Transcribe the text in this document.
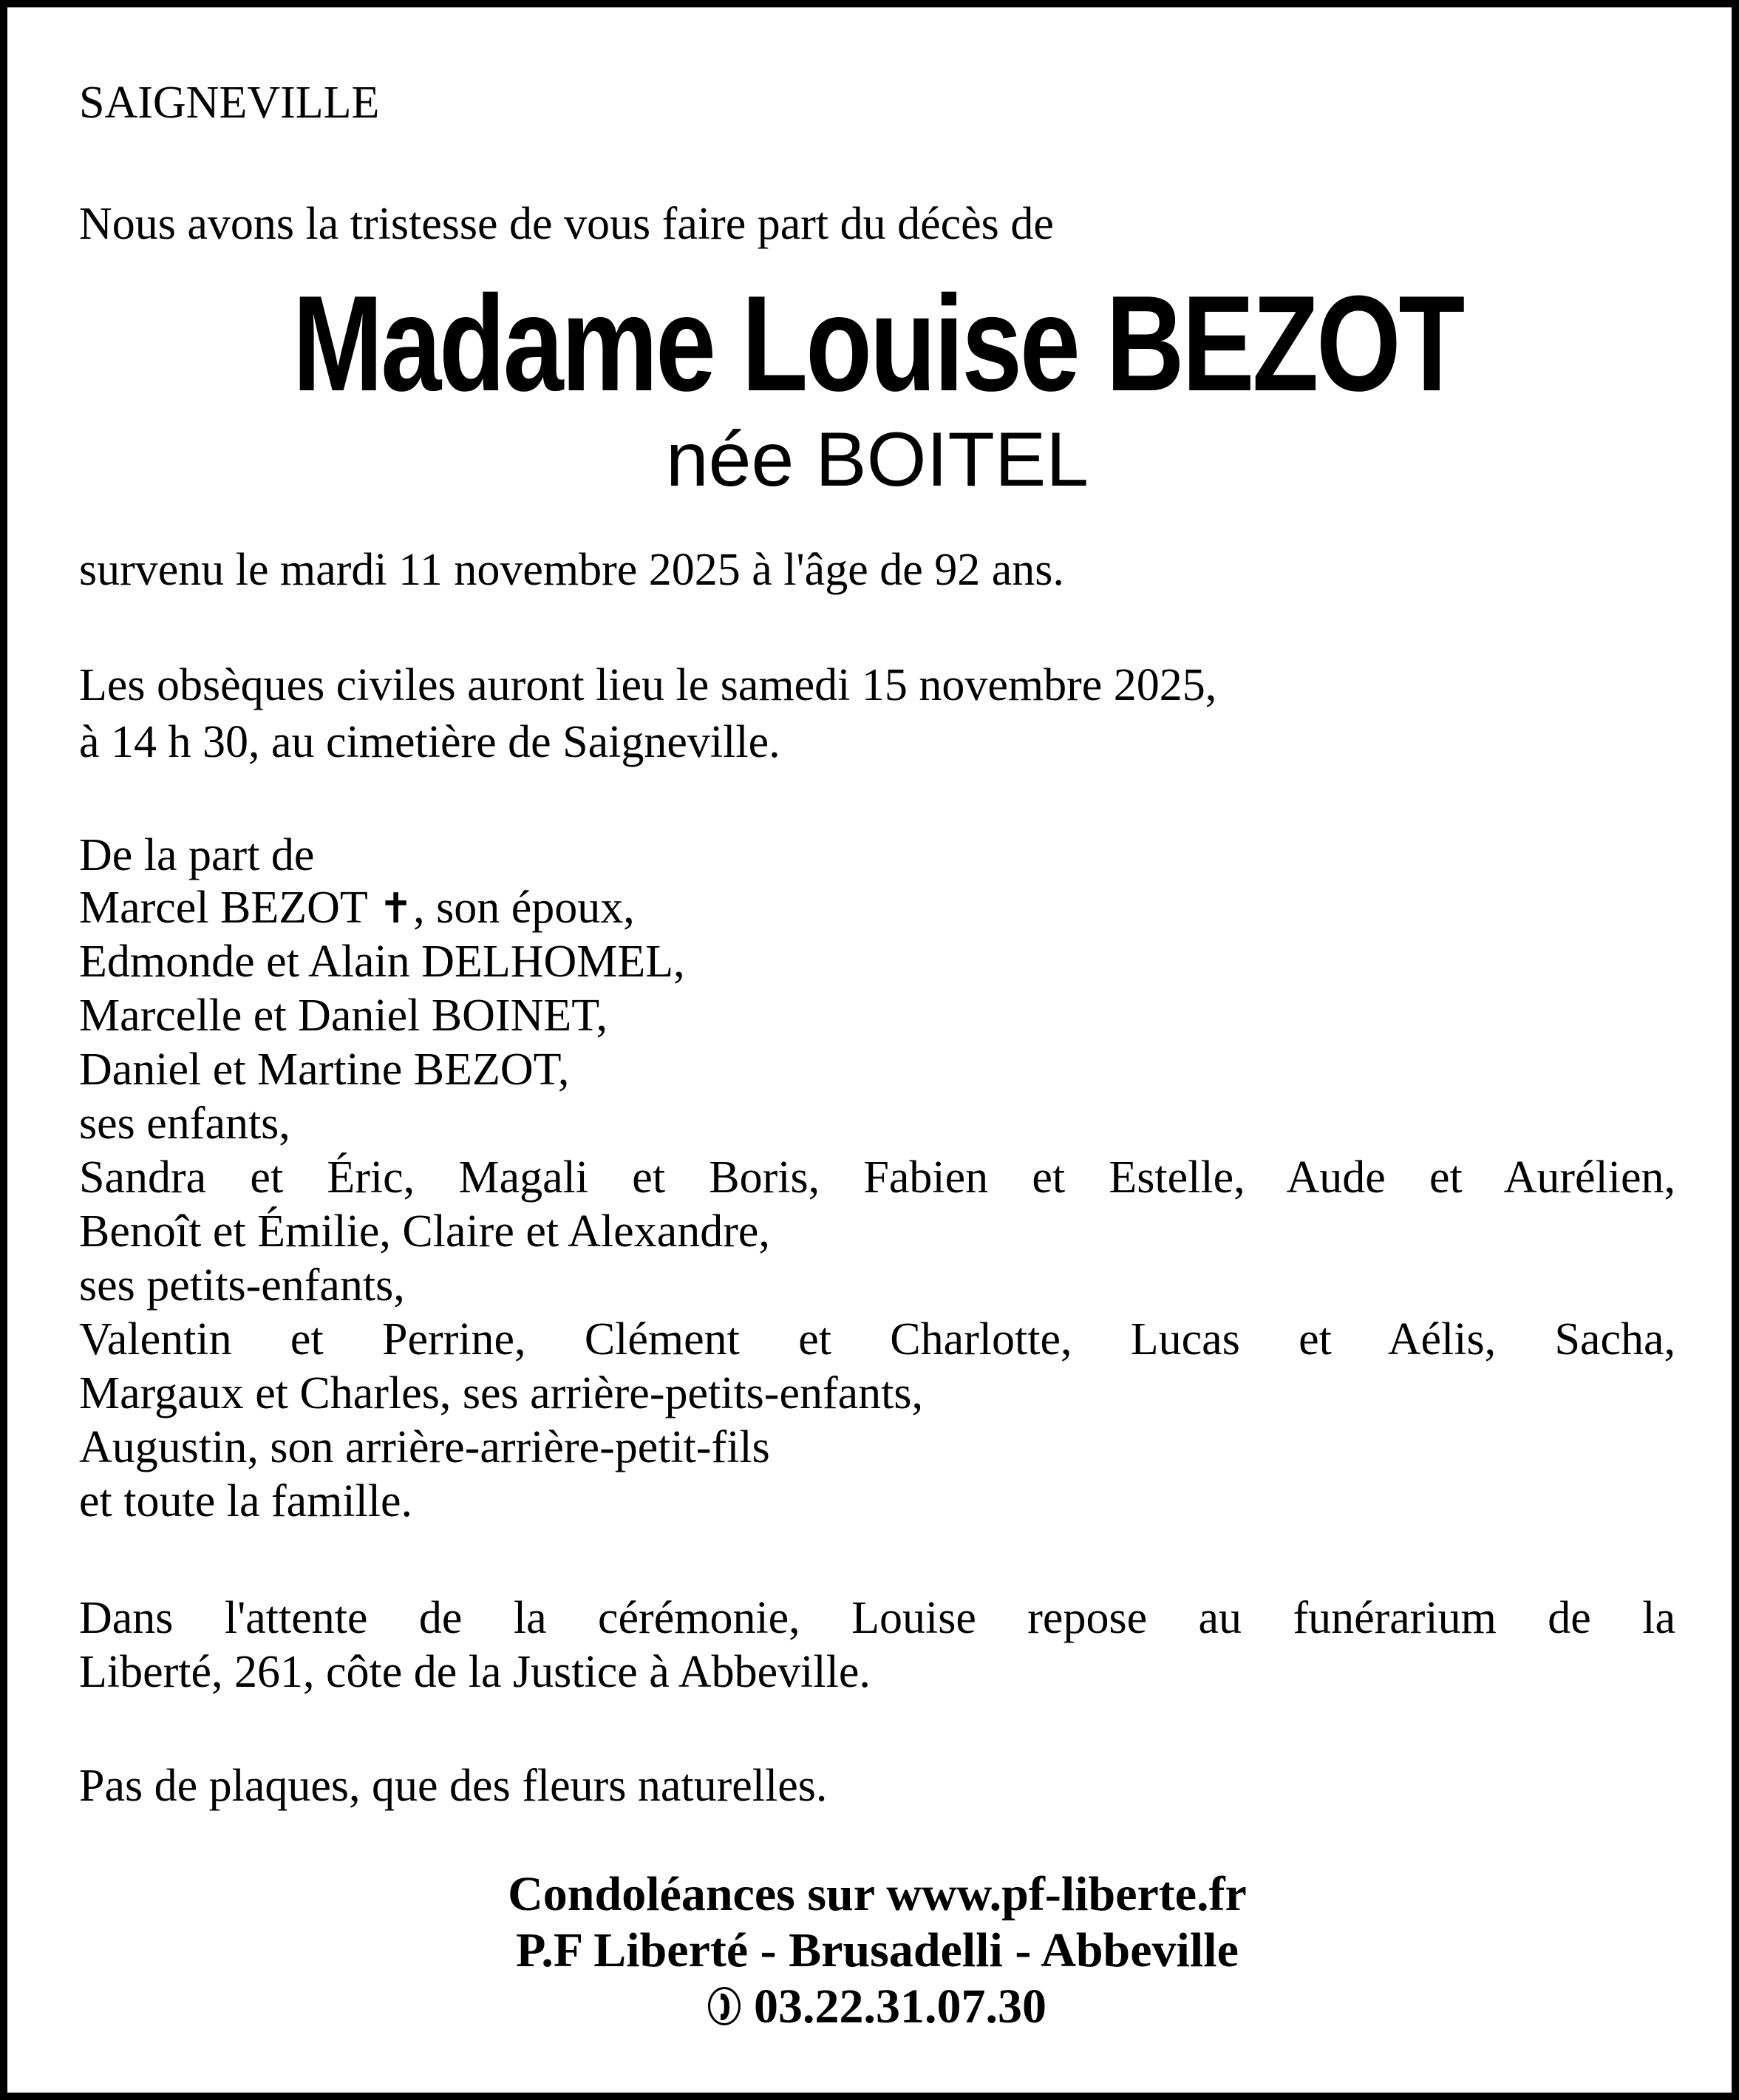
SAIGNEVILLE
Nous avons la tristesse de vous faire part du décès de
Madame Louise BEZOT
née BOITEL
survenu le mardi 11 novembre 2025 à l'âge de 92 ans.
Les obsèques civiles auront lieu le samedi 15 novembre 2025,
à 14 h 30, au cimetière de Saigneville.
De la part de
Marcel BEZOT ✝, son époux,
Edmonde et Alain DELHOMEL,
Marcelle et Daniel BOINET,
Daniel et Martine BEZOT,
ses enfants,
Sandra et Éric, Magali et Boris, Fabien et Estelle, Aude et Aurélien,
Benoît et Émilie, Claire et Alexandre,
ses petits-enfants,
Valentin et Perrine, Clément et Charlotte, Lucas et Aélis, Sacha,
Margaux et Charles, ses arrière-petits-enfants,
Augustin, son arrière-arrière-petit-fils
et toute la famille.
Dans l'attente de la cérémonie, Louise repose au funérarium de la
Liberté, 261, côte de la Justice à Abbeville.
Pas de plaques, que des fleurs naturelles.
Condoléances sur www.pf-liberte.fr
P.F Liberté - Brusadelli - Abbeville
03.22.31.07.30
